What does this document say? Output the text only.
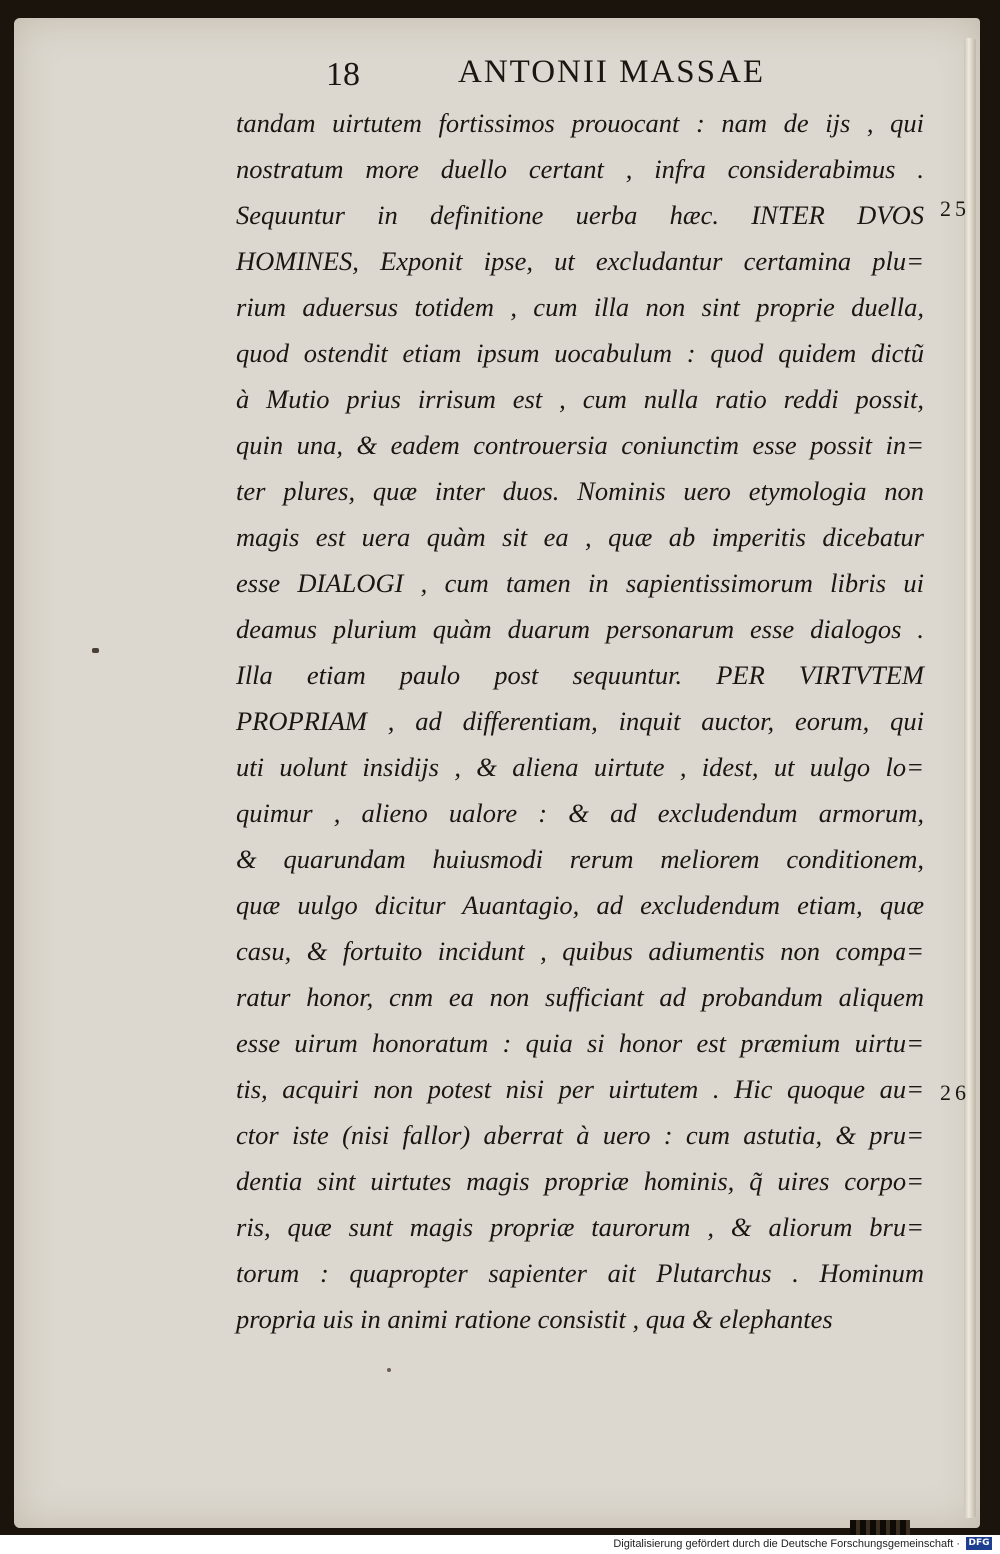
18	ANTONII MASSAE
tandam uirtutem fortissimos prouocant : nam de ijs , qui
nostratum more duello certant , infra considerabimus .
Sequuntur in definitione uerba hæc. INTER DVOS
HOMINES, Exponit ipse, ut excludantur certamina plu=
rium aduersus totidem , cum illa non sint proprie duella,
quod ostendit etiam ipsum uocabulum : quod quidem dictũ
à Mutio prius irrisum est , cum nulla ratio reddi possit,
quin una, & eadem controuersia coniunctim esse possit in=
ter plures, quæ inter duos. Nominis uero etymologia non
magis est uera quàm sit ea , quæ ab imperitis dicebatur
esse DIALOGI , cum tamen in sapientissimorum libris ui
deamus plurium quàm duarum personarum esse dialogos .
Illa etiam paulo post sequuntur. PER VIRTVTEM
PROPRIAM , ad differentiam, inquit auctor, eorum, qui
uti uolunt insidijs , & aliena uirtute , idest, ut uulgo lo=
quimur , alieno ualore : & ad excludendum armorum,
& quarundam huiusmodi rerum meliorem conditionem,
quæ uulgo dicitur Auantagio, ad excludendum etiam, quæ
casu, & fortuito incidunt , quibus adiumentis non compa=
ratur honor, cnm ea non sufficiant ad probandum aliquem
esse uirum honoratum : quia si honor est præmium uirtu=
tis, acquiri non potest nisi per uirtutem . Hic quoque au=
ctor iste (nisi fallor) aberrat à uero : cum astutia, & pru=
dentia sint uirtutes magis propriæ hominis, q̃ uires corpo=
ris, quæ sunt magis propriæ taurorum , & aliorum bru=
torum : quapropter sapienter ait Plutarchus . Hominum
propria uis in animi ratione consistit , qua & elephantes
25
26
Digitalisierung gefördert durch die Deutsche Forschungsgemeinschaft · DFG
